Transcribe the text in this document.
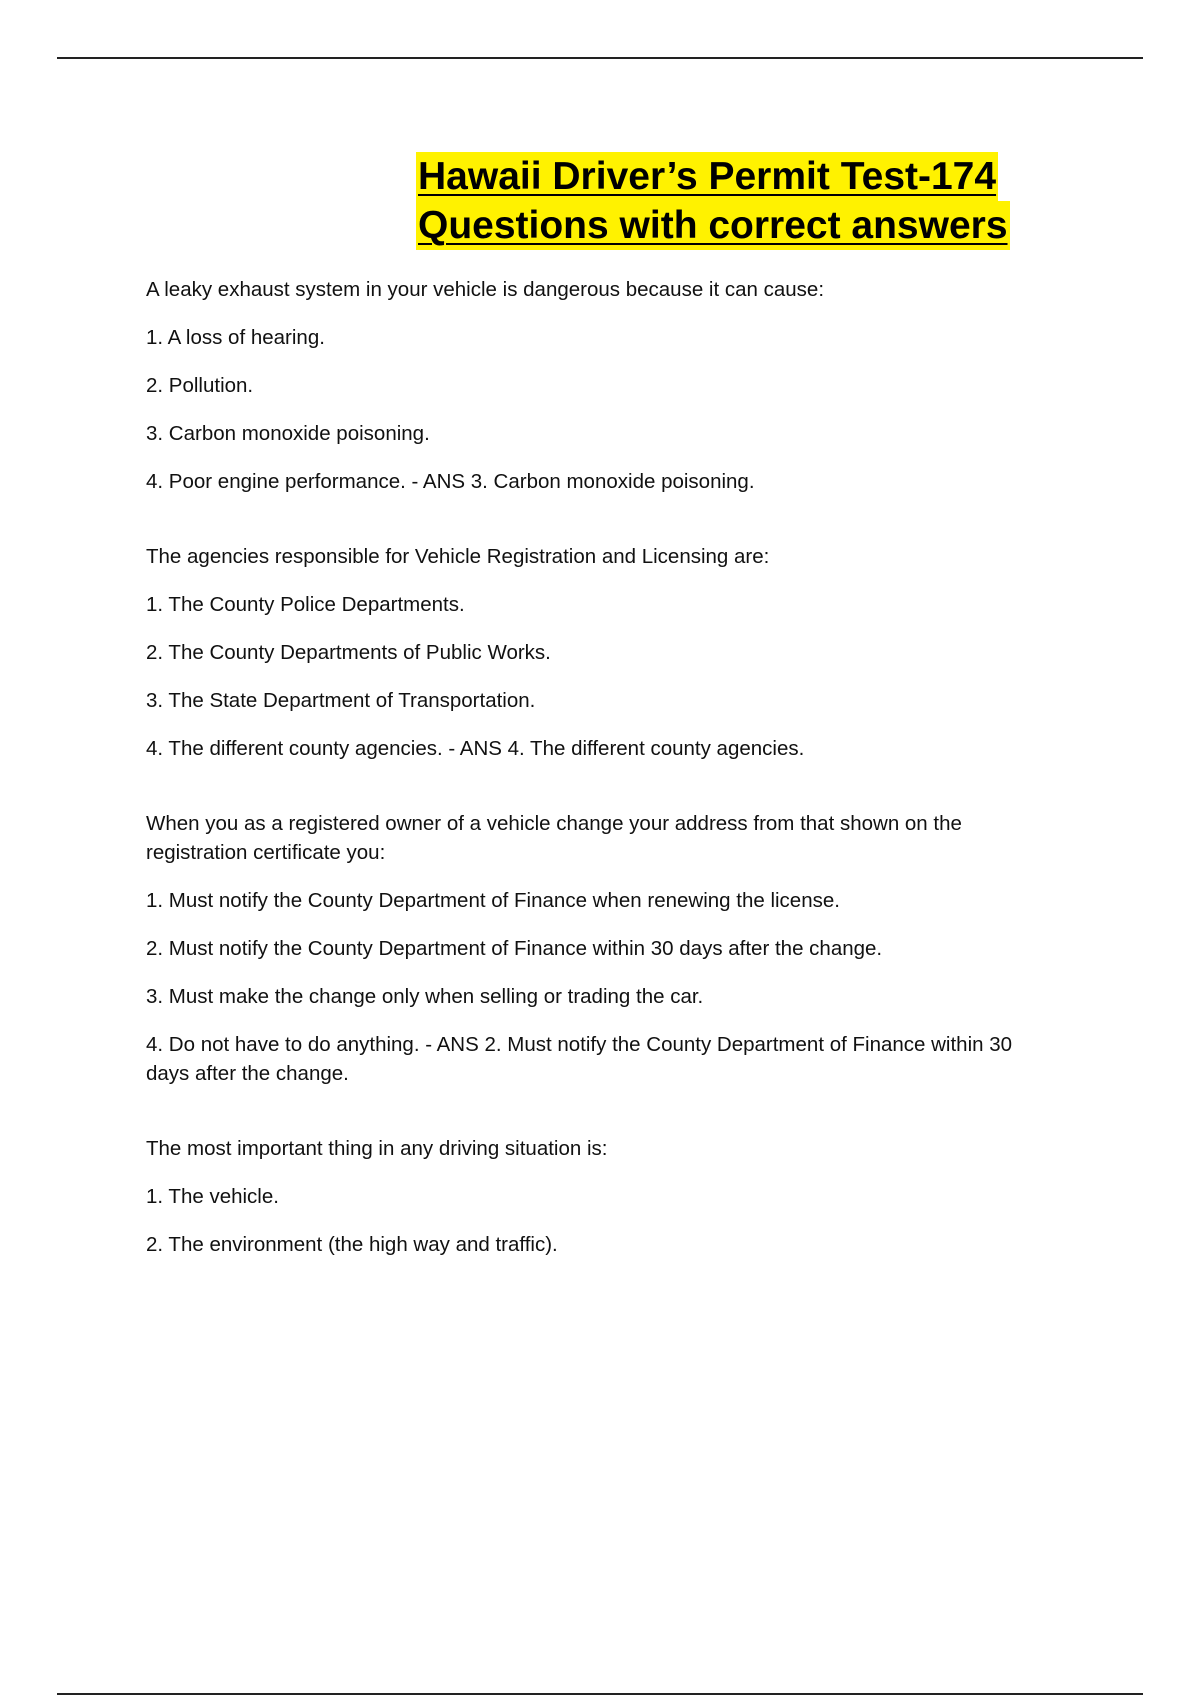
Hawaii Driver’s Permit Test-174
Questions with correct answers

A leaky exhaust system in your vehicle is dangerous because it can cause:

1. A loss of hearing.

2. Pollution.

3. Carbon monoxide poisoning.

4. Poor engine performance. - ANS 3. Carbon monoxide poisoning.

The agencies responsible for Vehicle Registration and Licensing are:

1. The County Police Departments.

2. The County Departments of Public Works.

3. The State Department of Transportation.

4. The different county agencies. - ANS 4. The different county agencies.

When you as a registered owner of a vehicle change your address from that shown on the registration certificate you:

1. Must notify the County Department of Finance when renewing the license.

2. Must notify the County Department of Finance within 30 days after the change.

3. Must make the change only when selling or trading the car.

4. Do not have to do anything. - ANS 2. Must notify the County Department of Finance within 30 days after the change.

The most important thing in any driving situation is:

1. The vehicle.

2. The environment (the high way and traffic).
